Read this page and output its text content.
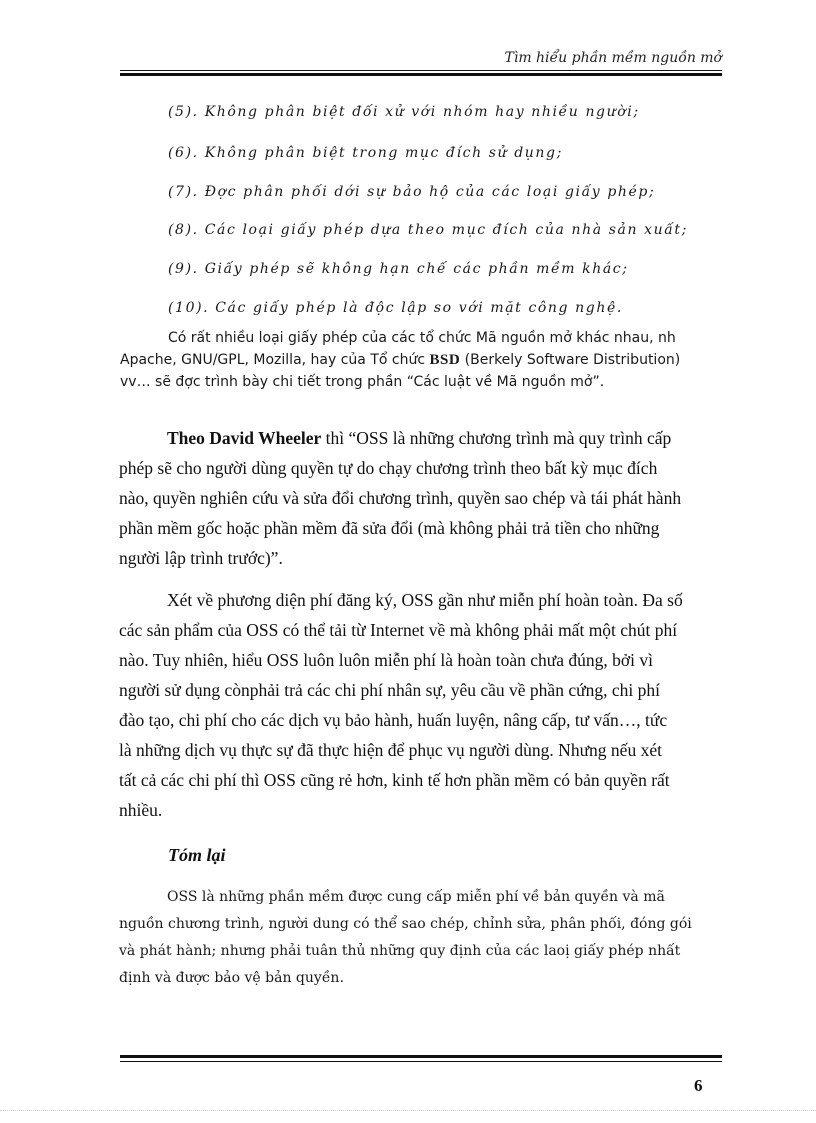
Tìm hiểu phần mềm nguồn mở
(5). Không phân biệt đối xử với nhóm hay nhiều người;
(6). Không phân biệt trong mục đích sử dụng;
(7). Đợc phân phối dới sự bảo hộ của các loại giấy phép;
(8). Các loại giấy phép dựa theo mục đích của nhà sản xuất;
(9). Giấy phép sẽ không hạn chế các phần mềm khác;
(10). Các giấy phép là độc lập so với mặt công nghệ.
Có rất nhiều loại giấy phép của các tổ chức Mã nguồn mở khác nhau, nh
Apache, GNU/GPL, Mozilla, hay của Tổ chức BSD (Berkely Software Distribution)
vv… sẽ đợc trình bày chi tiết trong phần “Các luật về Mã nguồn mở”.
Theo David Wheeler thì “OSS là những chương trình mà quy trình cấp
phép sẽ cho người dùng quyền tự do chạy chương trình theo bất kỳ mục đích
nào, quyền nghiên cứu và sửa đổi chương trình, quyền sao chép và tái phát hành
phần mềm gốc hoặc phần mềm đã sửa đổi (mà không phải trả tiền cho những
người lập trình trước)”.
Xét về phương diện phí đăng ký, OSS gần như miễn phí hoàn toàn. Đa số
các sản phẩm của OSS có thể tải từ Internet về mà không phải mất một chút phí
nào. Tuy nhiên, hiểu OSS luôn luôn miễn phí là hoàn toàn chưa đúng, bởi vì
người sử dụng cònphải trả các chi phí nhân sự, yêu cầu về phần cứng, chi phí
đào tạo, chi phí cho các dịch vụ bảo hành, huấn luyện, nâng cấp, tư vấn…, tức
là những dịch vụ thực sự đã thực hiện để phục vụ người dùng. Nhưng nếu xét
tất cả các chi phí thì OSS cũng rẻ hơn, kinh tế hơn phần mềm có bản quyền rất
nhiều.
Tóm lại
OSS là những phần mềm được cung cấp miễn phí về bản quyền và mã
nguồn chương trình, người dung có thể sao chép, chỉnh sửa, phân phối, đóng gói
và phát hành; nhưng phải tuân thủ những quy định của các laoị giấy phép nhất
định và được bảo vệ bản quyền.
6
